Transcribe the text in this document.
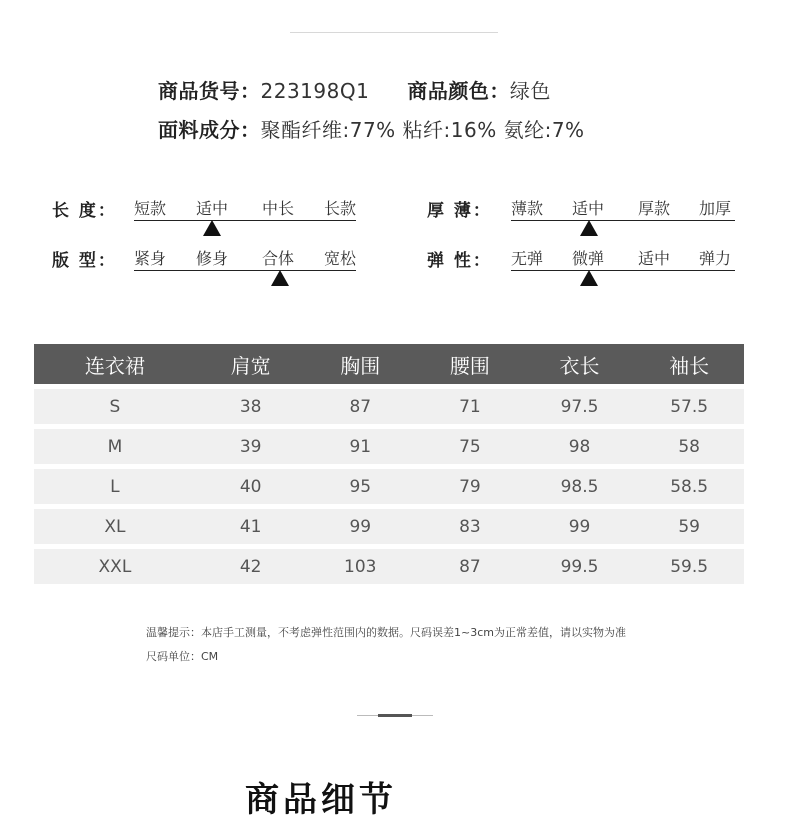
商品货号：223198Q1 商品颜色：绿色
面料成分：聚酯纤维:77% 粘纤:16% 氨纶:7%
长 度： 短款 适中 中长 长款	厚 薄： 薄款 适中 厚款 加厚
版 型： 紧身 修身 合体 宽松	弹 性： 无弹 微弹 适中 弹力
连衣裙	肩宽	胸围	腰围	衣长	袖长
S	38	87	71	97.5	57.5
M	39	91	75	98	58
L	40	95	79	98.5	58.5
XL	41	99	83	99	59
XXL	42	103	87	99.5	59.5
温馨提示：本店手工测量，不考虑弹性范围内的数据。尺码误差1~3cm为正常差值，请以实物为准
尺码单位：CM
商品细节
